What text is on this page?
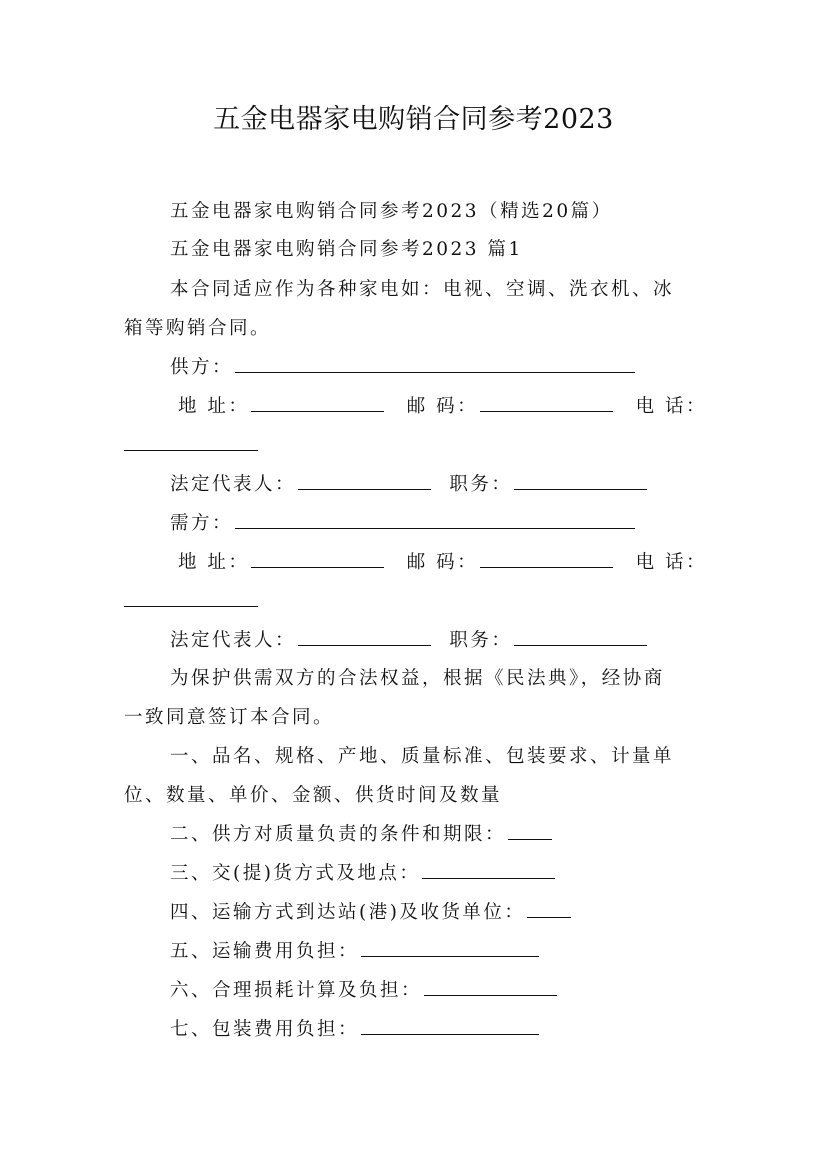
五金电器家电购销合同参考2023
五金电器家电购销合同参考2023（精选20篇）
五金电器家电购销合同参考2023 篇1
本合同适应作为各种家电如：电视、空调、洗衣机、冰
箱等购销合同。
供方：
地 址：	邮 码：	电 话：
法定代表人：	职务：
需方：
地 址：	邮 码：	电 话：
法定代表人：	职务：
为保护供需双方的合法权益，根据《民法典》，经协商
一致同意签订本合同。
一、品名、规格、产地、质量标准、包装要求、计量单
位、数量、单价、金额、供货时间及数量
二、供方对质量负责的条件和期限：
三、交(提)货方式及地点：
四、运输方式到达站(港)及收货单位：
五、运输费用负担：
六、合理损耗计算及负担：
七、包装费用负担：
